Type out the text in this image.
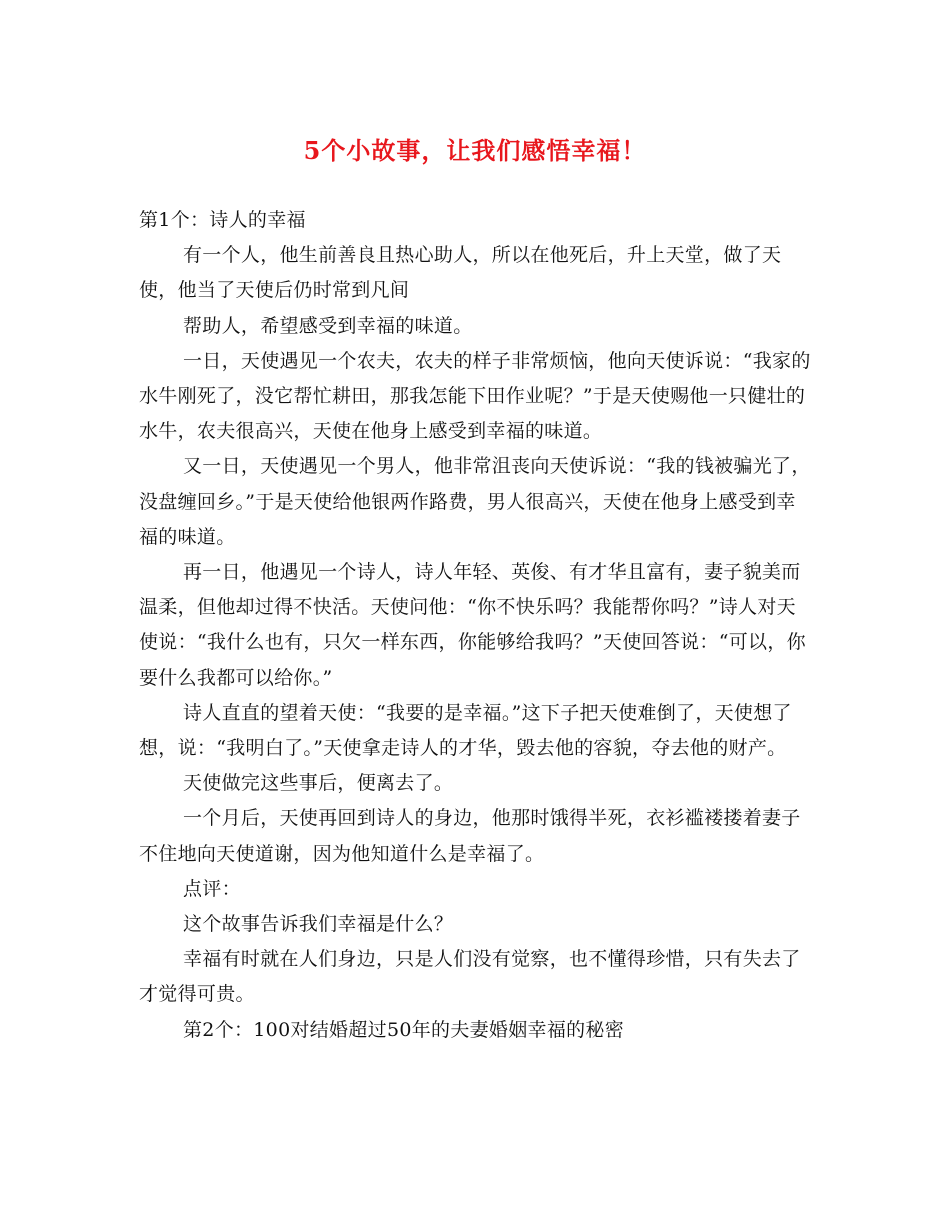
5个小故事，让我们感悟幸福！

第1个：诗人的幸福

有一个人，他生前善良且热心助人，所以在他死后，升上天堂，做了天使，他当了天使后仍时常到凡间

帮助人，希望感受到幸福的味道。

一日，天使遇见一个农夫，农夫的样子非常烦恼，他向天使诉说：“我家的水牛刚死了，没它帮忙耕田，那我怎能下田作业呢？”于是天使赐他一只健壮的水牛，农夫很高兴，天使在他身上感受到幸福的味道。

又一日，天使遇见一个男人，他非常沮丧向天使诉说：“我的钱被骗光了，没盘缠回乡。”于是天使给他银两作路费，男人很高兴，天使在他身上感受到幸福的味道。

再一日，他遇见一个诗人，诗人年轻、英俊、有才华且富有，妻子貌美而温柔，但他却过得不快活。天使问他：“你不快乐吗？我能帮你吗？”诗人对天使说：“我什么也有，只欠一样东西，你能够给我吗？”天使回答说：“可以，你要什么我都可以给你。”

诗人直直的望着天使：“我要的是幸福。”这下子把天使难倒了，天使想了想，说：“我明白了。”天使拿走诗人的才华，毁去他的容貌，夺去他的财产。

天使做完这些事后，便离去了。

一个月后，天使再回到诗人的身边，他那时饿得半死，衣衫褴褛搂着妻子不住地向天使道谢，因为他知道什么是幸福了。

点评：

这个故事告诉我们幸福是什么？

幸福有时就在人们身边，只是人们没有觉察，也不懂得珍惜，只有失去了才觉得可贵。

第2个：100对结婚超过50年的夫妻婚姻幸福的秘密
